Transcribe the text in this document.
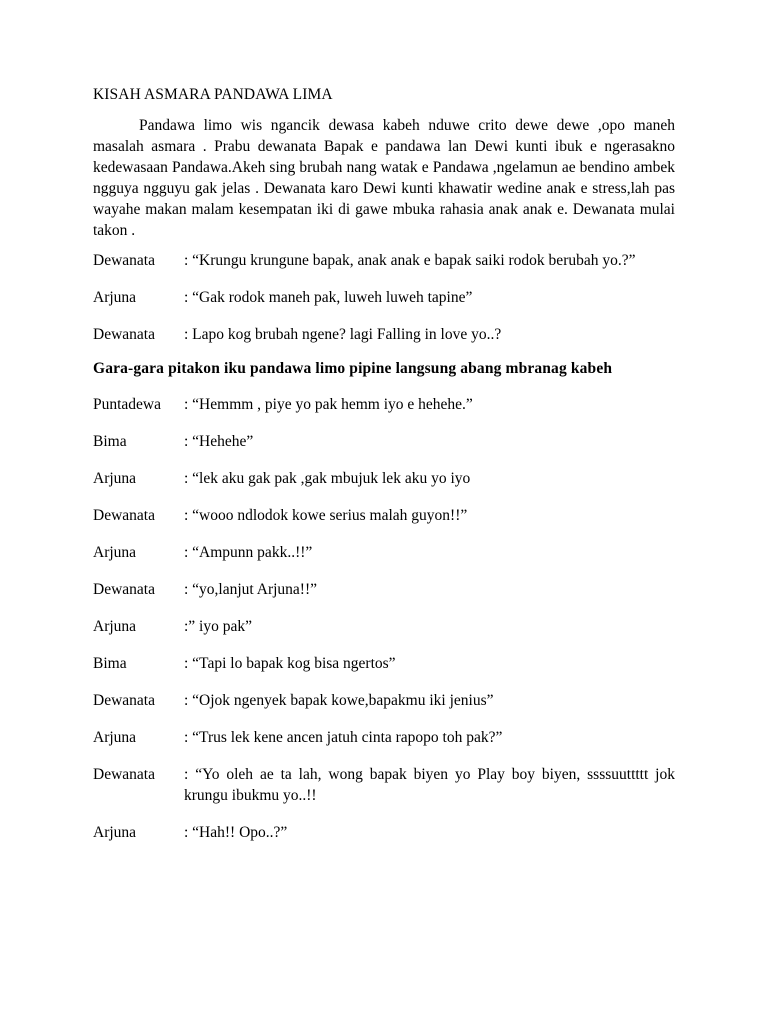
KISAH ASMARA PANDAWA LIMA

Pandawa limo wis ngancik dewasa kabeh nduwe crito dewe dewe ,opo maneh masalah asmara . Prabu dewanata Bapak e pandawa lan Dewi kunti ibuk e ngerasakno kedewasaan Pandawa.Akeh sing brubah nang watak e Pandawa ,ngelamun ae bendino ambek ngguya ngguyu gak jelas . Dewanata karo Dewi kunti khawatir wedine anak e stress,lah pas wayahe makan malam kesempatan iki di gawe mbuka rahasia anak anak e. Dewanata mulai takon .

Dewanata	: “Krungu krungune bapak, anak anak e bapak saiki rodok berubah yo.?”
Arjuna	: “Gak rodok maneh pak, luweh luweh tapine”
Dewanata	: Lapo kog brubah ngene? lagi Falling in love yo..?
Gara-gara pitakon iku pandawa limo pipine langsung abang mbranag kabeh
Puntadewa	: “Hemmm , piye yo pak hemm iyo e hehehe.”
Bima	: “Hehehe”
Arjuna	: “lek aku gak pak ,gak mbujuk lek aku yo iyo
Dewanata	: “wooo ndlodok kowe serius malah guyon!!”
Arjuna	: “Ampunn pakk..!!”
Dewanata	: “yo,lanjut Arjuna!!”
Arjuna	:” iyo pak”
Bima	: “Tapi lo bapak kog bisa ngertos”
Dewanata	: “Ojok ngenyek bapak kowe,bapakmu iki jenius”
Arjuna	: “Trus lek kene ancen jatuh cinta rapopo toh pak?”
Dewanata	: “Yo oleh ae ta lah, wong bapak biyen yo Play boy biyen, ssssuuttttt jok krungu ibukmu yo..!!
Arjuna	: “Hah!! Opo..?”
